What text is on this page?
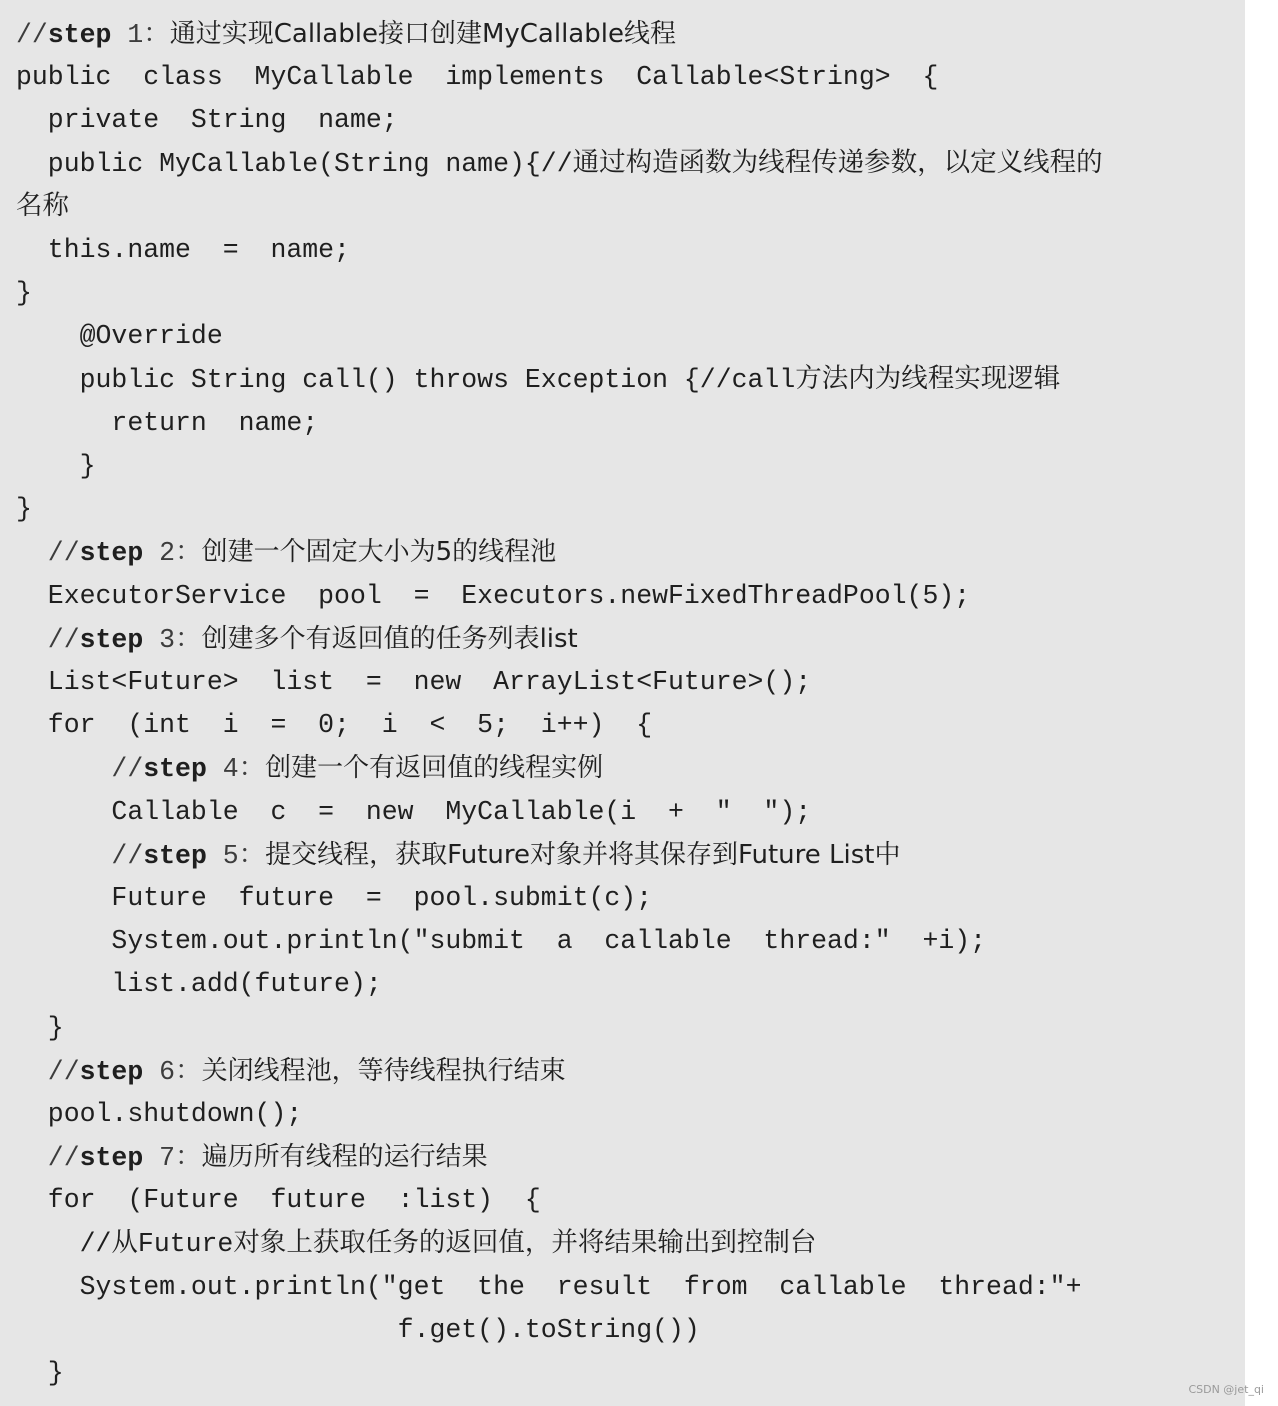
//step 1：通过实现Callable接口创建MyCallable线程
public  class  MyCallable  implements  Callable<String>  {
private  String  name;
public MyCallable(String name){//通过构造函数为线程传递参数，以定义线程的
名称
this.name  =  name;
}
@Override
public String call() throws Exception {//call方法内为线程实现逻辑
return  name;
}
}
//step 2：创建一个固定大小为5的线程池
ExecutorService  pool  =  Executors.newFixedThreadPool(5);
//step 3：创建多个有返回值的任务列表list
List<Future>  list  =  new  ArrayList<Future>();
for  (int  i  =  0;  i  <  5;  i++)  {
//step 4：创建一个有返回值的线程实例
Callable  c  =  new  MyCallable(i  +  "  ");
//step 5：提交线程，获取Future对象并将其保存到Future List中
Future  future  =  pool.submit(c);
System.out.println("submit  a  callable  thread:"  +i);
list.add(future);
}
//step 6：关闭线程池，等待线程执行结束
pool.shutdown();
//step 7：遍历所有线程的运行结果
for  (Future  future  :list)  {
//从Future对象上获取任务的返回值，并将结果输出到控制台
System.out.println("get  the  result  from  callable  thread:"+
f.get().toString())
}
CSDN @jet_qi
